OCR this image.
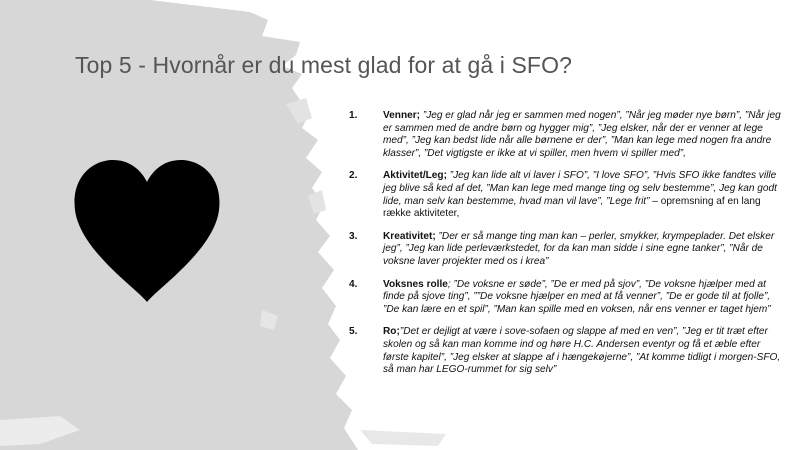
Top 5 - Hvornår er du mest glad for at gå i SFO?
1.	Venner; ”Jeg er glad når jeg er sammen med nogen”, ”Når jeg møder nye børn”, ”Når jeg er sammen med de andre børn og hygger mig”, ”Jeg elsker, når der er venner at lege med”, ”Jeg kan bedst lide når alle børnene er der”, ”Man kan lege med nogen fra andre klasser”, ”Det vigtigste er ikke at vi spiller, men hvem vi spiller med”,
2.	Aktivitet/Leg; ”Jeg kan lide alt vi laver i SFO”, ”I love SFO”, ”Hvis SFO ikke fandtes ville jeg blive så ked af det, ”Man kan lege med mange ting og selv bestemme”, Jeg kan godt lide, man selv kan bestemme, hvad man vil lave”, ”Lege frit” – opremsning af en lang række aktiviteter,
3.	Kreativitet; ”Der er så mange ting man kan – perler, smykker, krympeplader. Det elsker jeg”, ”Jeg kan lide perleværkstedet, for da kan man sidde i sine egne tanker”, ”Når de voksne laver projekter med os i krea”
4.	Voksnes rolle; ”De voksne er søde”, ”De er med på sjov”, ”De voksne hjælper med at finde på sjove ting”, ””De voksne hjælper en med at få venner”, ”De er gode til at fjolle”, ”De kan lære en et spil”, ”Man kan spille med en voksen, når ens venner er taget hjem”
5.	Ro;”Det er dejligt at være i sove-sofaen og slappe af med en ven”, ”Jeg er tit træt efter skolen og så kan man komme ind og høre H.C. Andersen eventyr og få et æble efter første kapitel”, ”Jeg elsker at slappe af i hængekøjerne”, ”At komme tidligt i morgen-SFO, så man har LEGO-rummet for sig selv”
